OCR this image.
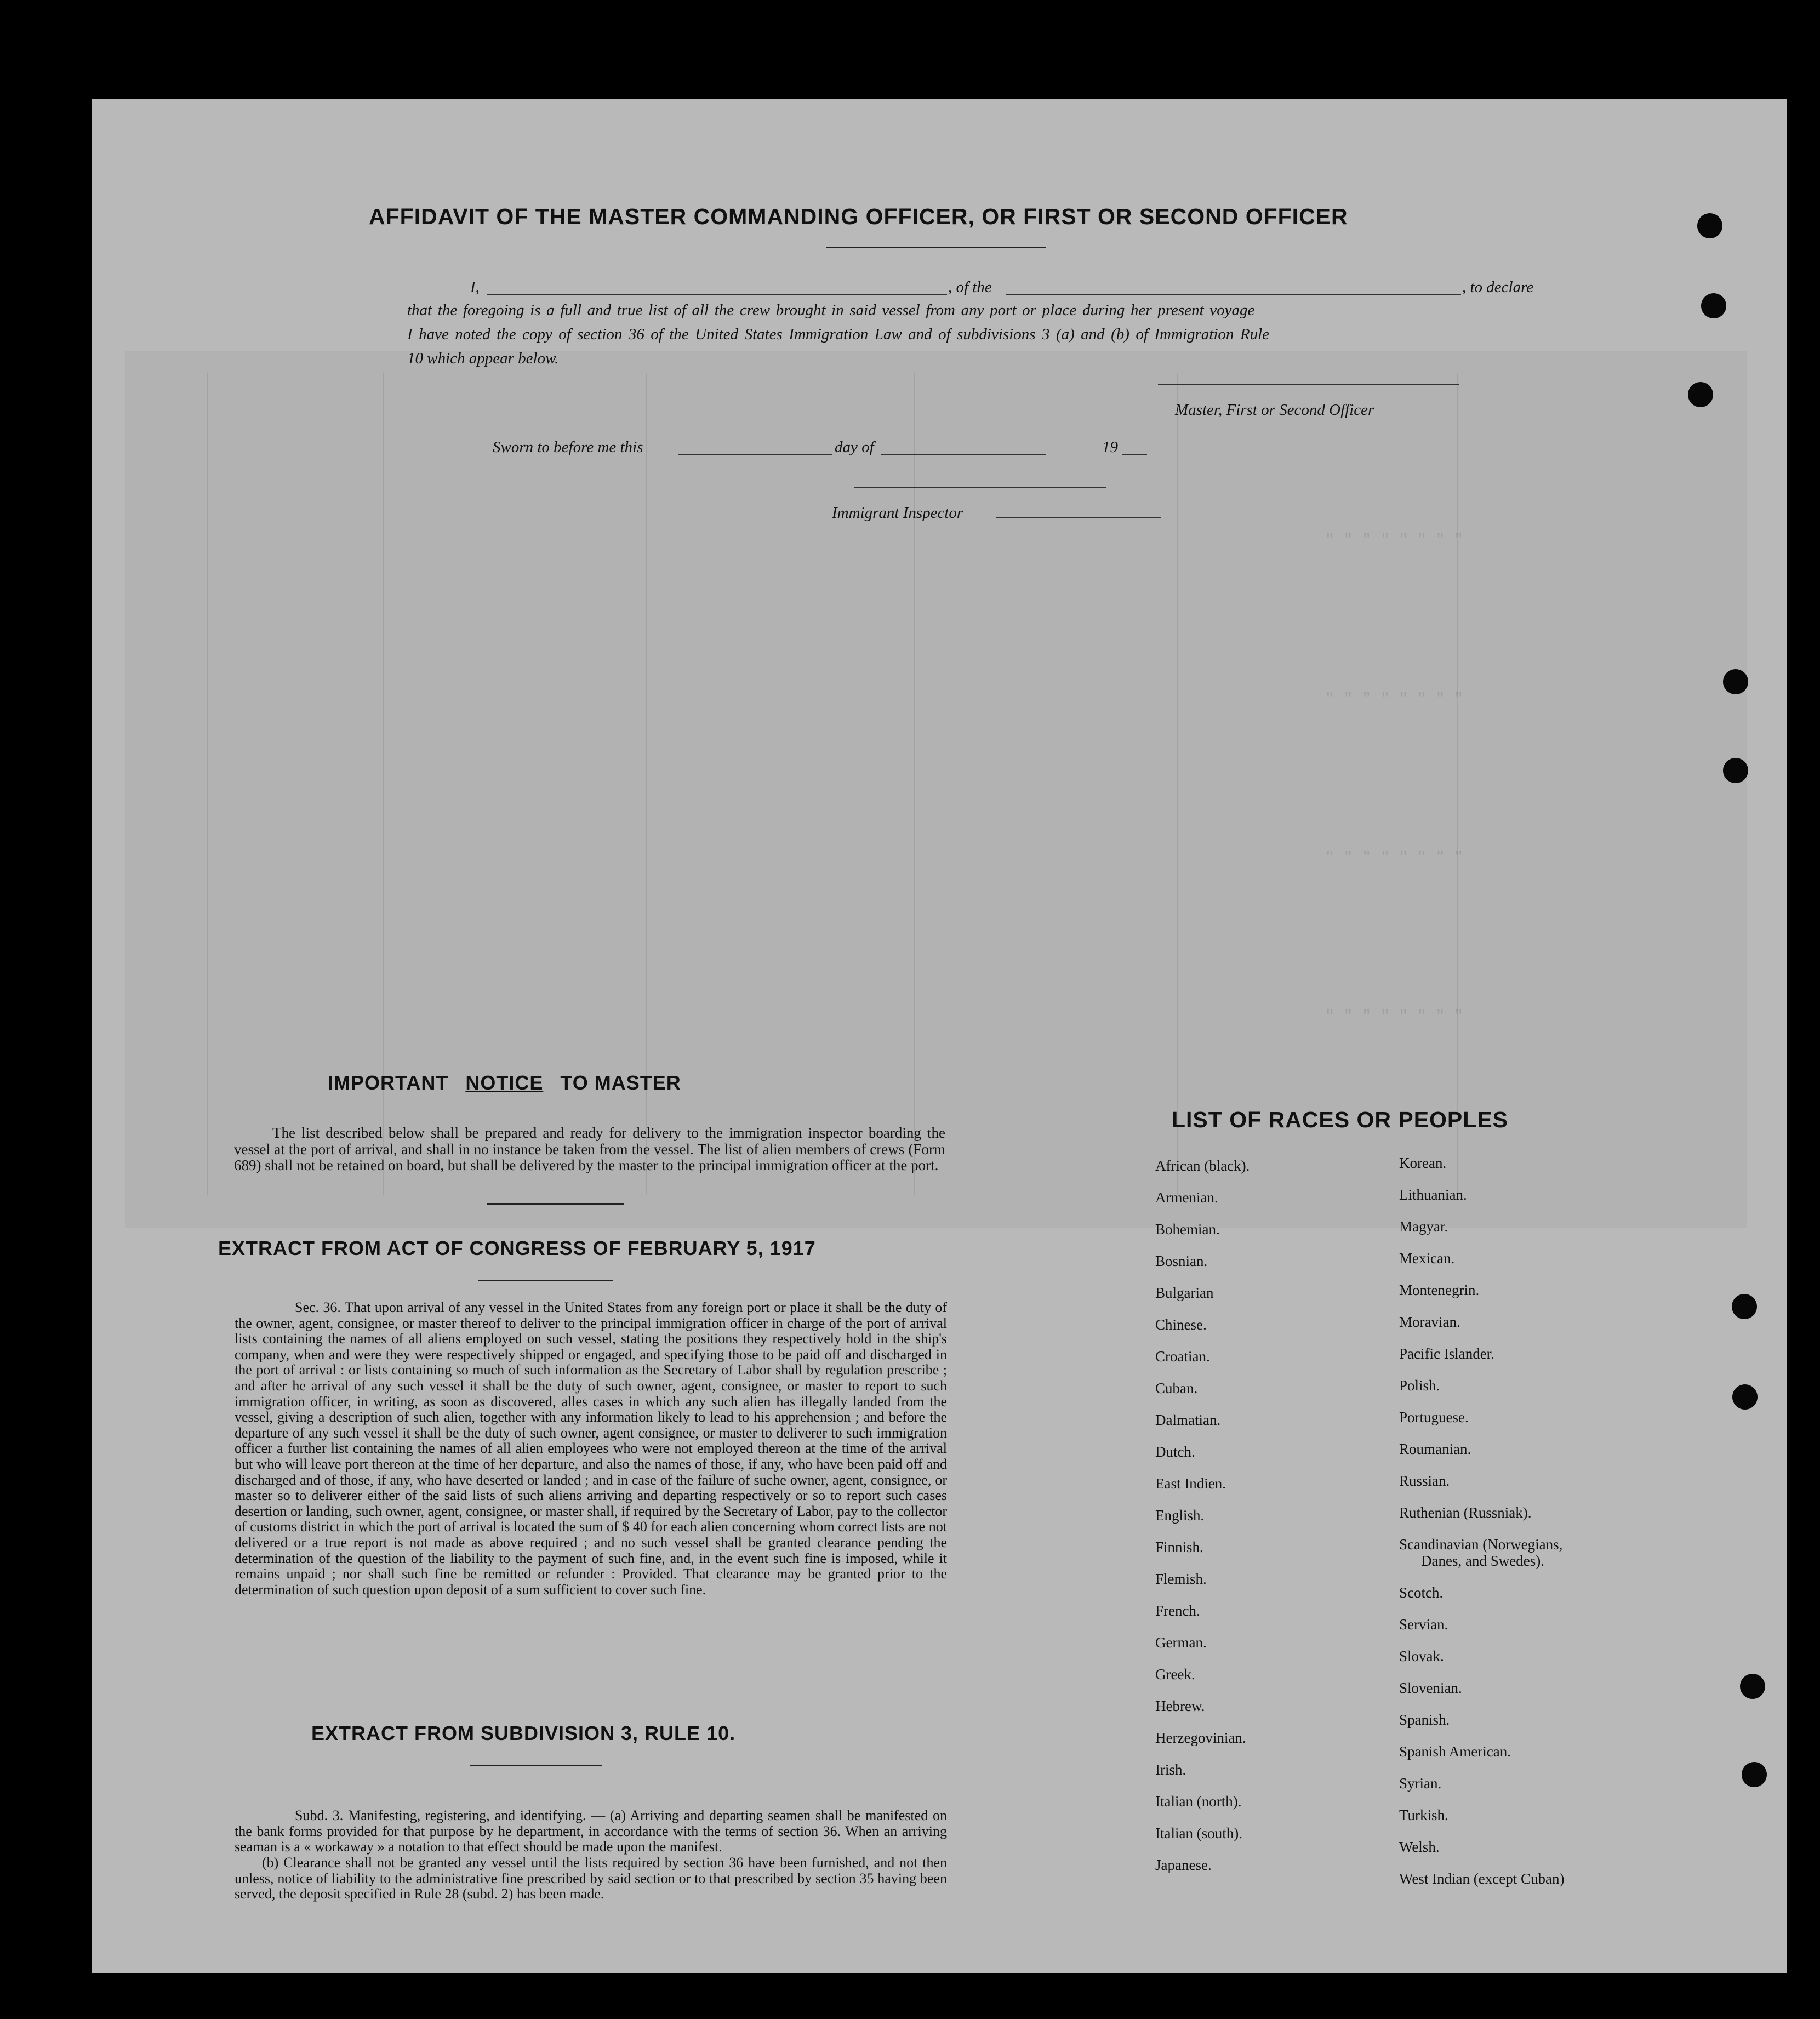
" " " " " " " "
" " " " " " " "
" " " " " " " "
" " " " " " " "
AFFIDAVIT OF THE MASTER COMMANDING OFFICER, OR FIRST OR SECOND OFFICER
I,	, of the	, to declare
that the foregoing is a full and true list of all the crew brought in said vessel from any port or place during her present voyage
I have noted the copy of section 36 of the United States Immigration Law and of subdivisions 3 (a) and (b) of Immigration Rule
10 which appear below.
Master, First or Second Officer
Sworn to before me this	day of	19
Immigrant Inspector
IMPORTANT NOTICE TO MASTER
The list described below shall be prepared and ready for delivery to the immigration inspector boarding the vessel at the port of arrival, and shall in no instance be taken from the vessel. The list of alien members of crews (Form 689) shall not be retained on board, but shall be delivered by the master to the principal immigration officer at the port.
EXTRACT FROM ACT OF CONGRESS OF FEBRUARY 5, 1917
Sec. 36. That upon arrival of any vessel in the United States from any foreign port or place it shall be the duty of the owner, agent, consignee, or master thereof to deliver to the principal immigration officer in charge of the port of arrival lists containing the names of all aliens employed on such vessel, stating the positions they respectively hold in the ship's company, when and were they were respectively shipped or engaged, and specifying those to be paid off and discharged in the port of arrival : or lists containing so much of such information as the Secretary of Labor shall by regulation prescribe ; and after he arrival of any such vessel it shall be the duty of such owner, agent, consignee, or master to report to such immigration officer, in writing, as soon as discovered, alles cases in which any such alien has illegally landed from the vessel, giving a description of such alien, together with any information likely to lead to his apprehension ; and before the departure of any such vessel it shall be the duty of such owner, agent consignee, or master to deliverer to such immigration officer a further list containing the names of all alien employees who were not employed thereon at the time of the arrival but who will leave port thereon at the time of her departure, and also the names of those, if any, who have been paid off and discharged and of those, if any, who have deserted or landed ; and in case of the failure of suche owner, agent, consignee, or master so to deliverer either of the said lists of such aliens arriving and departing respectively or so to report such cases desertion or landing, such owner, agent, consignee, or master shall, if required by the Secretary of Labor, pay to the collector of customs district in which the port of arrival is located the sum of $ 40 for each alien concerning whom correct lists are not delivered or a true report is not made as above required ; and no such vessel shall be granted clearance pending the determination of the question of the liability to the payment of such fine, and, in the event such fine is imposed, while it remains unpaid ; nor shall such fine be remitted or refunder : Provided. That clearance may be granted prior to the determination of such question upon deposit of a sum sufficient to cover such fine.
EXTRACT FROM SUBDIVISION 3, RULE 10.
Subd. 3. Manifesting, registering, and identifying. — (a) Arriving and departing seamen shall be manifested on the bank forms provided for that purpose by he department, in accordance with the terms of section 36. When an arriving seaman is a « workaway » a notation to that effect should be made upon the manifest.
(b) Clearance shall not be granted any vessel until the lists required by section 36 have been furnished, and not then unless, notice of liability to the administrative fine prescribed by said section or to that prescribed by section 35 having been served, the deposit specified in Rule 28 (subd. 2) has been made.
LIST OF RACES OR PEOPLES
African (black).
Armenian.
Bohemian.
Bosnian.
Bulgarian
Chinese.
Croatian.
Cuban.
Dalmatian.
Dutch.
East Indien.
English.
Finnish.
Flemish.
French.
German.
Greek.
Hebrew.
Herzegovinian.
Irish.
Italian (north).
Italian (south).
Japanese.
Korean.
Lithuanian.
Magyar.
Mexican.
Montenegrin.
Moravian.
Pacific Islander.
Polish.
Portuguese.
Roumanian.
Russian.
Ruthenian (Russniak).
Scandinavian (Norwegians,
Danes, and Swedes).
Scotch.
Servian.
Slovak.
Slovenian.
Spanish.
Spanish American.
Syrian.
Turkish.
Welsh.
West Indian (except Cuban)
